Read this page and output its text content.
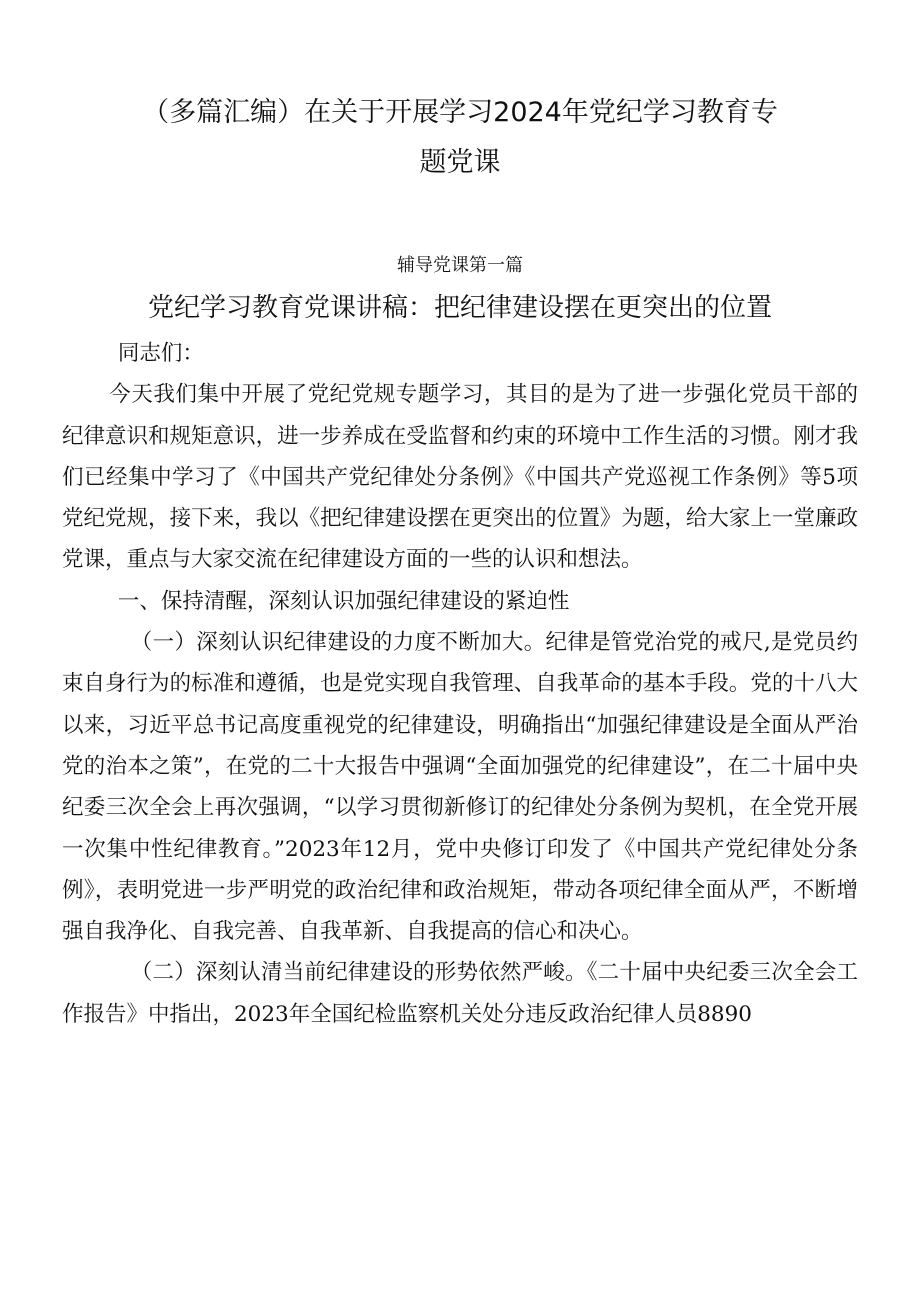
（多篇汇编）在关于开展学习2024年党纪学习教育专
题党课
辅导党课第一篇
党纪学习教育党课讲稿：把纪律建设摆在更突出的位置

同志们：

今天我们集中开展了党纪党规专题学习，其目的是为了进一步强化党员干部的纪律意识和规矩意识，进一步养成在受监督和约束的环境中工作生活的习惯。刚才我们已经集中学习了《中国共产党纪律处分条例》《中国共产党巡视工作条例》等5项党纪党规，接下来，我以《把纪律建设摆在更突出的位置》为题，给大家上一堂廉政党课，重点与大家交流在纪律建设方面的一些的认识和想法。

一、保持清醒，深刻认识加强纪律建设的紧迫性

（一）深刻认识纪律建设的力度不断加大。纪律是管党治党的戒尺,是党员约束自身行为的标准和遵循，也是党实现自我管理、自我革命的基本手段。党的十八大以来，习近平总书记高度重视党的纪律建设，明确指出“加强纪律建设是全面从严治党的治本之策”，在党的二十大报告中强调“全面加强党的纪律建设”，在二十届中央纪委三次全会上再次强调，“以学习贯彻新修订的纪律处分条例为契机，在全党开展一次集中性纪律教育。”2023年12月，党中央修订印发了《中国共产党纪律处分条例》，表明党进一步严明党的政治纪律和政治规矩，带动各项纪律全面从严，不断增强自我净化、自我完善、自我革新、自我提高的信心和决心。

（二）深刻认清当前纪律建设的形势依然严峻。《二十届中央纪委三次全会工作报告》中指出，2023年全国纪检监察机关处分违反政治纪律人员8890
